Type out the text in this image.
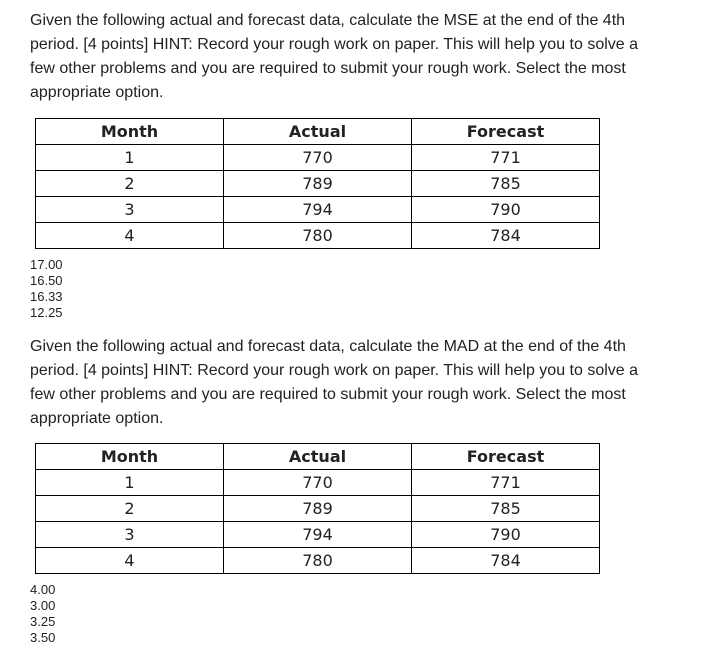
Given the following actual and forecast data, calculate the MSE at the end of the 4th period. [4 points] HINT: Record your rough work on paper. This will help you to solve a few other problems and you are required to submit your rough work. Select the most appropriate option.
Month	Actual	Forecast
1	770	771
2	789	785
3	794	790
4	780	784
17.00
16.50
16.33
12.25
Given the following actual and forecast data, calculate the MAD at the end of the 4th period. [4 points] HINT: Record your rough work on paper. This will help you to solve a few other problems and you are required to submit your rough work. Select the most appropriate option.
Month	Actual	Forecast
1	770	771
2	789	785
3	794	790
4	780	784
4.00
3.00
3.25
3.50
